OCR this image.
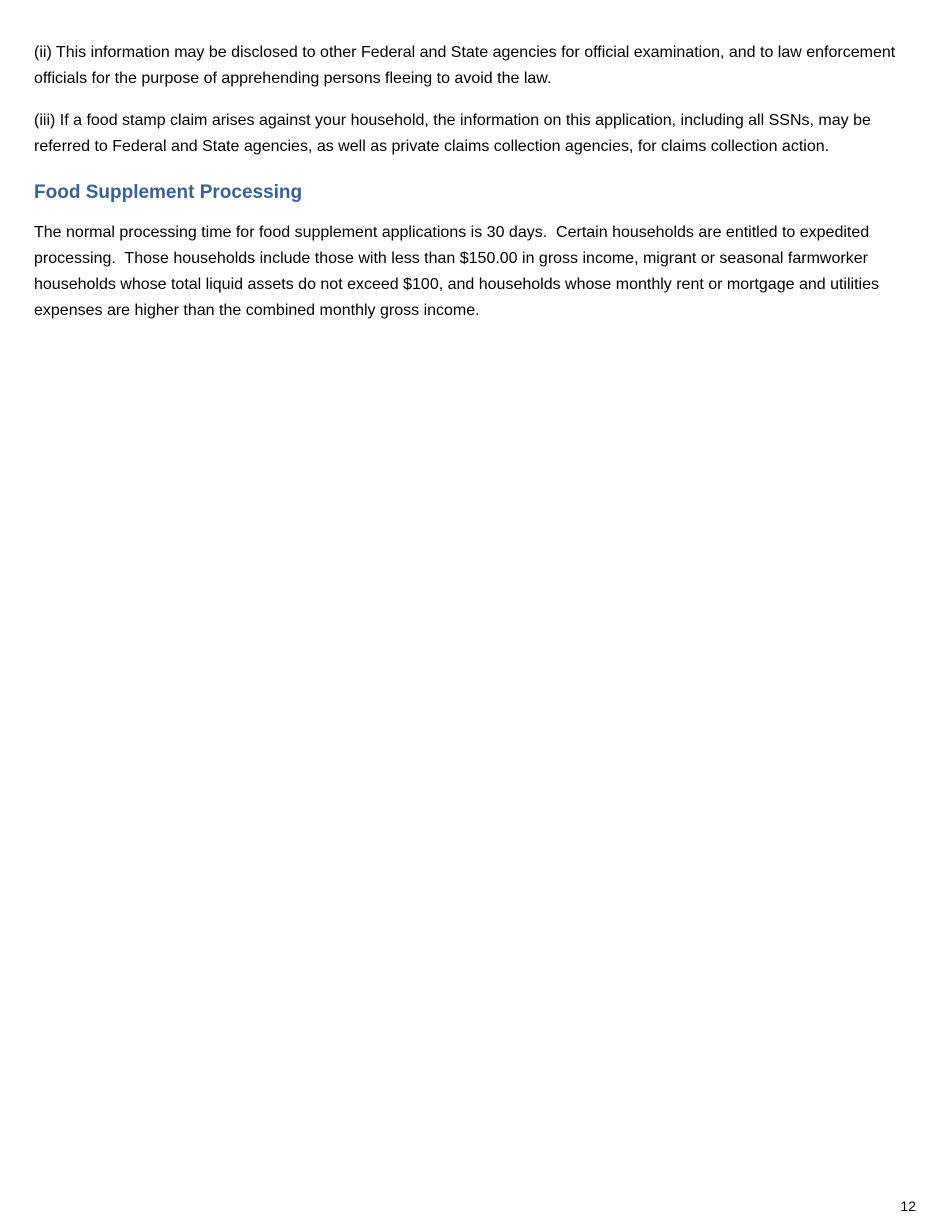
(ii) This information may be disclosed to other Federal and State agencies for official examination, and to law enforcement officials for the purpose of apprehending persons fleeing to avoid the law.

(iii) If a food stamp claim arises against your household, the information on this application, including all SSNs, may be referred to Federal and State agencies, as well as private claims collection agencies, for claims collection action.

Food Supplement Processing

The normal processing time for food supplement applications is 30 days.  Certain households are entitled to expedited processing.  Those households include those with less than $150.00 in gross income, migrant or seasonal farmworker households whose total liquid assets do not exceed $100, and households whose monthly rent or mortgage and utilities expenses are higher than the combined monthly gross income.

12
